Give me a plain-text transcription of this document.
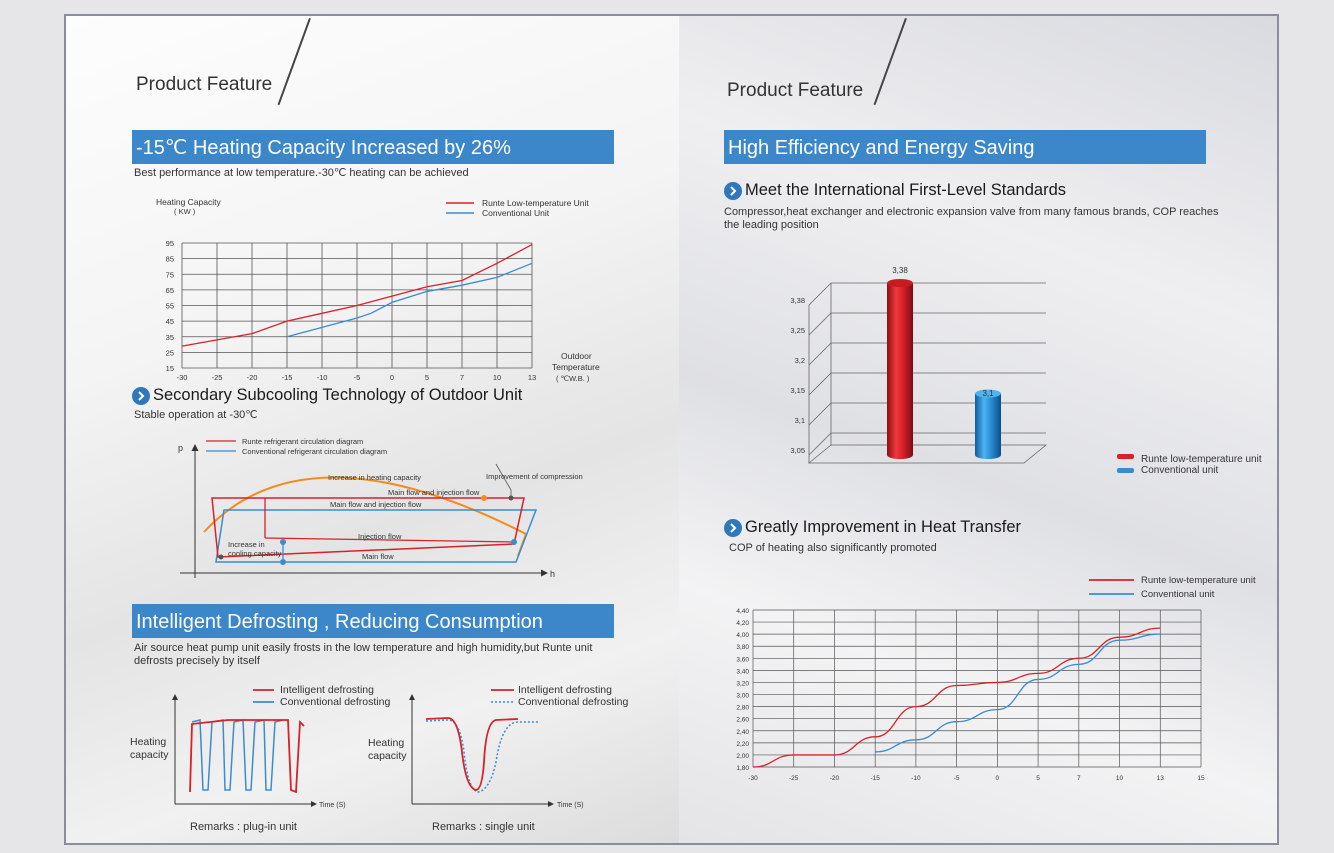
Product Feature
-15℃ Heating Capacity Increased by 26%
Best performance at low temperature.-30℃ heating can be achieved
Heating Capacity
( KW )
Runte Low-temperature Unit
Conventional Unit
95
85
75
65
55
45
35
25
15
-30	-25	-20	-15	-10	-5	0	5	7	10	13
Outdoor
Temperature
( ℃W.B. )
Secondary Subcooling Technology of Outdoor Unit
Stable operation at -30℃
p
h
Runte refrigerant circulation diagram
Conventional refrigerant circulation diagram
Increase in heating capacity	Improvement of compression
Main flow and injection flow
Main flow and injection flow
Injection flow
Increase in
cooling capacity	Main flow
Intelligent Defrosting , Reducing Consumption
Air source heat pump unit easily frosts in the low temperature and high humidity,but Runte unit
defrosts precisely by itself
Intelligent defrosting
Conventional defrosting
Heating
capacity
Time (S)
Remarks : plug-in unit
Intelligent defrosting
Conventional defrosting
Heating
capacity
Time (S)
Remarks : single unit
Product Feature
High Efficiency and Energy Saving
Meet the International First-Level Standards
Compressor,heat exchanger and electronic expansion valve from many famous brands, COP reaches
the leading position
3,38
3,25
3,2
3,15
3,1
3,05
3,38
3,1
Runte low-temperature unit
Conventional unit
Greatly Improvement in Heat Transfer
COP of heating also significantly promoted
Runte low-temperature unit
Conventional unit
4,40
4,20
4,00
3,80
3,60
3,40
3,20
3,00
2,80
2,60
2,40
2,20
2,00
1,80
-30	-25	-20	-15	-10	-5	0	5	7	10	13	15
